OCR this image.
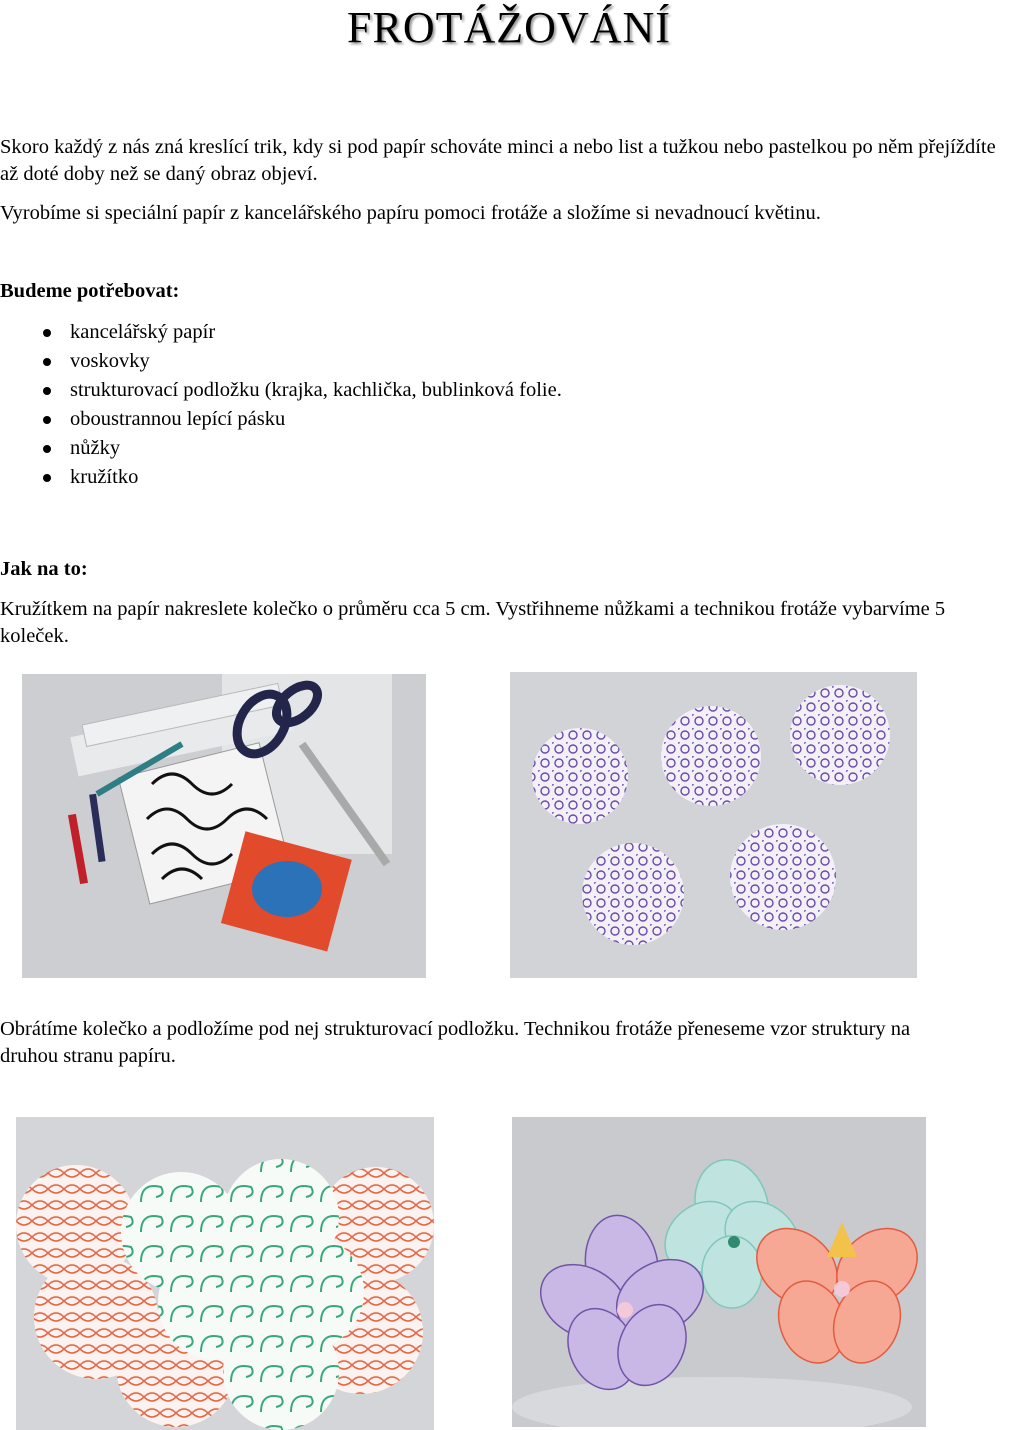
FROTÁŽOVÁNÍ
Skoro každý z nás zná kreslící trik, kdy si pod papír schováte minci a nebo list a tužkou nebo pastelkou po něm přejíždíte až doté doby než se daný obraz objeví.
Vyrobíme si speciální papír z kancelářského papíru pomoci frotáže a složíme si nevadnoucí květinu.
Budeme potřebovat:
kancelářský papír
voskovky
strukturovací podložku (krajka, kachlička, bublinková folie.
oboustrannou lepící pásku
nůžky
kružítko
Jak na to:
Kružítkem na papír nakreslete kolečko o průměru cca 5 cm. Vystřihneme nůžkami a technikou frotáže vybarvíme 5 koleček.
Obrátíme kolečko a podložíme pod nej strukturovací podložku. Technikou frotáže přeneseme vzor struktury na druhou stranu papíru.
